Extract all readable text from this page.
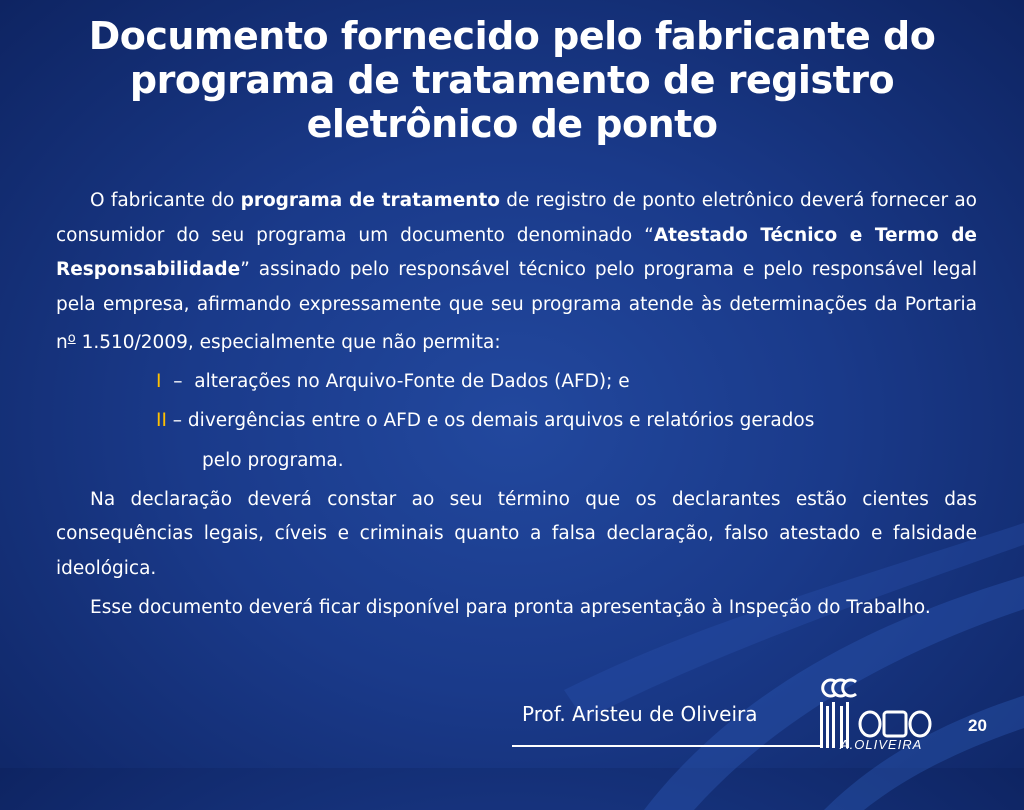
Documento fornecido pelo fabricante do programa de tratamento de registro eletrônico de ponto

O fabricante do programa de tratamento de registro de ponto eletrônico deverá fornecer ao consumidor do seu programa um documento denominado “Atestado Técnico e Termo de Responsabilidade” assinado pelo responsável técnico pelo programa e pelo responsável legal pela empresa, afirmando expressamente que seu programa atende às determinações da Portaria $n^o$ 1.510/2009, especialmente que não permita:

I  –  alterações no Arquivo-Fonte de Dados (AFD); e

II – divergências entre o AFD e os demais arquivos e relatórios gerados

pelo programa.

Na declaração deverá constar ao seu término que os declarantes estão cientes das consequências legais, cíveis e criminais quanto a falsa declaração, falso atestado e falsidade ideológica.

Esse documento deverá ficar disponível para pronta apresentação à Inspeção do Trabalho.

Prof. Aristeu de Oliveira
A.OLIVEIRA
20
